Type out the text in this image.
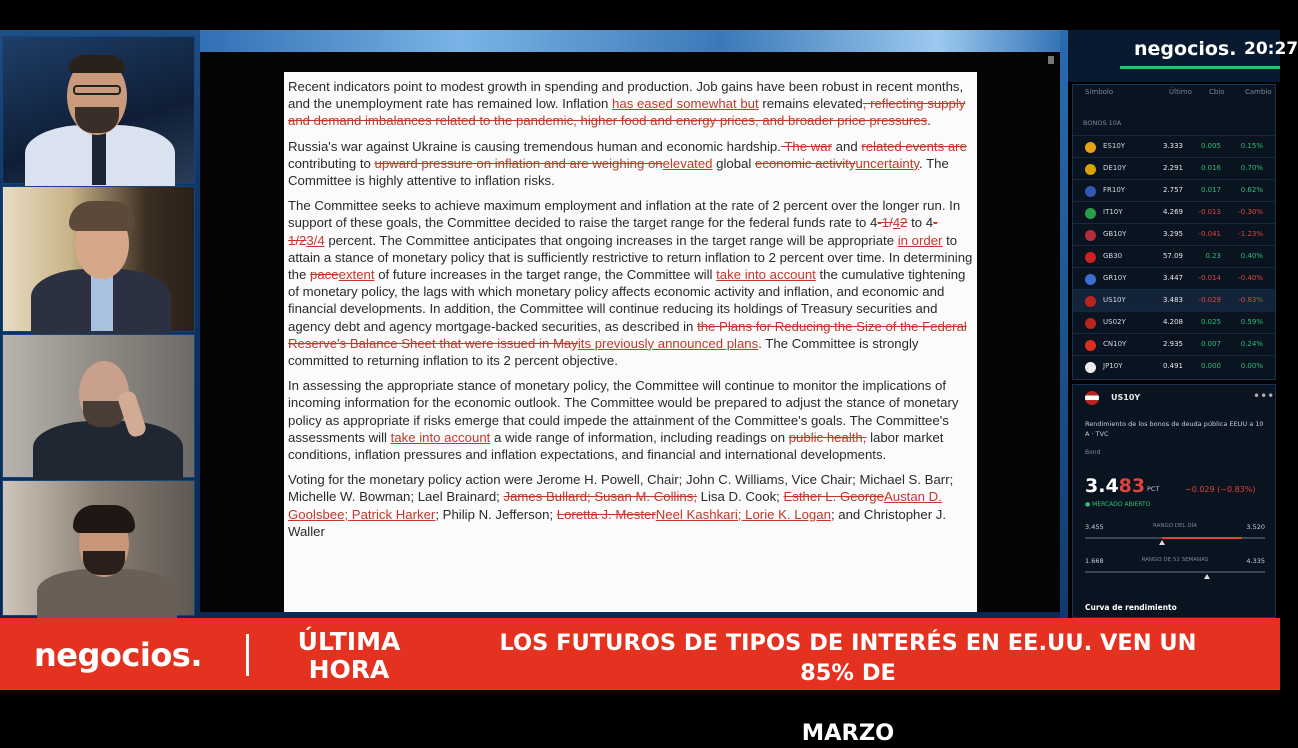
Recent indicators point to modest growth in spending and production. Job gains have been robust in recent months, and the unemployment rate has remained low. Inflation has eased somewhat but remains elevated, reflecting supply and demand imbalances related to the pandemic, higher food and energy prices, and broader price pressures.

Russia's war against Ukraine is causing tremendous human and economic hardship. The war and related events are contributing to upward pressure on inflation and are weighing onelevated global economic activityuncertainty. The Committee is highly attentive to inflation risks.

The Committee seeks to achieve maximum employment and inflation at the rate of 2 percent over the longer run. In support of these goals, the Committee decided to raise the target range for the federal funds rate to 4-1/42 to 4-1/23/4 percent. The Committee anticipates that ongoing increases in the target range will be appropriate in order to attain a stance of monetary policy that is sufficiently restrictive to return inflation to 2 percent over time. In determining the paceextent of future increases in the target range, the Committee will take into account the cumulative tightening of monetary policy, the lags with which monetary policy affects economic activity and inflation, and economic and financial developments. In addition, the Committee will continue reducing its holdings of Treasury securities and agency debt and agency mortgage-backed securities, as described in the Plans for Reducing the Size of the Federal Reserve's Balance Sheet that were issued in Mayits previously announced plans. The Committee is strongly committed to returning inflation to its 2 percent objective.

In assessing the appropriate stance of monetary policy, the Committee will continue to monitor the implications of incoming information for the economic outlook. The Committee would be prepared to adjust the stance of monetary policy as appropriate if risks emerge that could impede the attainment of the Committee's goals. The Committee's assessments will take into account a wide range of information, including readings on public health, labor market conditions, inflation pressures and inflation expectations, and financial and international developments.

Voting for the monetary policy action were Jerome H. Powell, Chair; John C. Williams, Vice Chair; Michael S. Barr; Michelle W. Bowman; Lael Brainard; James Bullard; Susan M. Collins; Lisa D. Cook; Esther L. GeorgeAustan D. Goolsbee; Patrick Harker; Philip N. Jefferson; Loretta J. MesterNeel Kashkari; Lorie K. Logan; and Christopher J. Waller

negocios. 20:27
Símbolo	Último Cbio	Cambio
BONOS 10A
ES10Y	3.333	0.005	0.15%
DE10Y	2.291	0.016	0.70%
FR10Y	2.757	0.017	0.62%
IT10Y	4.269	-0.013	-0.30%
GB10Y	3.295	-0.041	-1.23%
GB30	57.09	0.23	0.40%
GR10Y	3.447	-0.014	-0.40%
US10Y	3.483	-0.029	-0.83%
US02Y	4.208	0.025	0.59%
CN10Y	2.935	0.007	0.24%
JP10Y	0.491	0.000	0.00%
US10Y	•••
Rendimiento de los bonos de deuda pública EEUU a 10 A · TVC
Bond
3.483 PCT	−0.029 (−0.83%)
● MERCADO ABIERTO
3.455	RANGO DEL DÍA	3.520
1.668	RANGO DE 52 SEMANAS	4.335
Curva de rendimiento
negocios.	ÚLTIMA
HORA
LOS FUTUROS DE TIPOS DE INTERÉS EN EE.UU. VEN UN 85% DE
MARZO
